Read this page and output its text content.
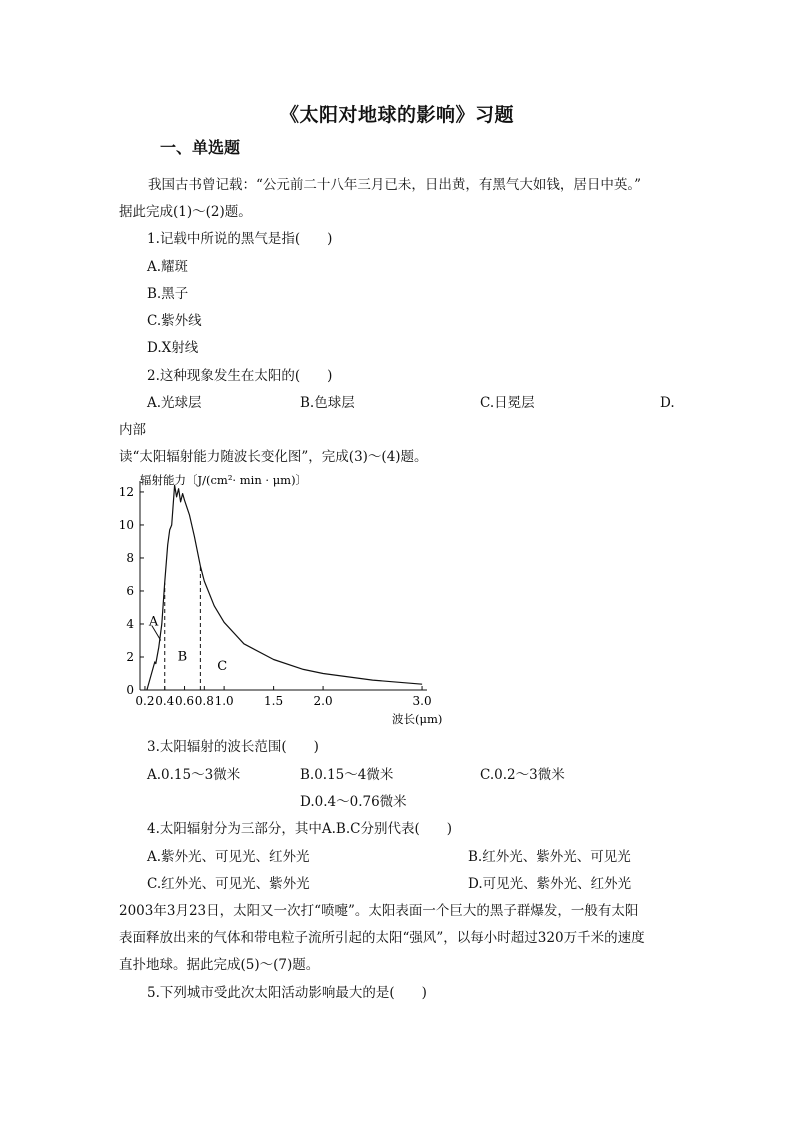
《太阳对地球的影响》习题
一、单选题
我国古书曾记载：“公元前二十八年三月已未，日出黄，有黑气大如钱，居日中英。”
据此完成(1)～(2)题。
1.记载中所说的黑气是指(　　)
A.耀斑
B.黑子
C.紫外线
D.X射线
2.这种现象发生在太阳的(　　)
A.光球层	B.色球层	C.日冕层	D.
内部
读“太阳辐射能力随波长变化图”，完成(3)～(4)题。
0
2
4
6
8
10
12
0.2 0.4 0.6 0.8 1.0	1.5	2.0	3.0
A
B
C
辐射能力〔J/(cm²· min · μm)〕
波长(μm)
3.太阳辐射的波长范围(　　)
A.0.15～3微米	B.0.15～4微米	C.0.2～3微米
D.0.4～0.76微米
4.太阳辐射分为三部分，其中A.B.C分别代表(　　)
A.紫外光、可见光、红外光	B.红外光、紫外光、可见光
C.红外光、可见光、紫外光	D.可见光、紫外光、红外光
2003年3月23日，太阳又一次打“喷嚏”。太阳表面一个巨大的黑子群爆发，一般有太阳
表面释放出来的气体和带电粒子流所引起的太阳“强风”，以每小时超过320万千米的速度
直扑地球。据此完成(5)～(7)题。
5.下列城市受此次太阳活动影响最大的是(　　)
